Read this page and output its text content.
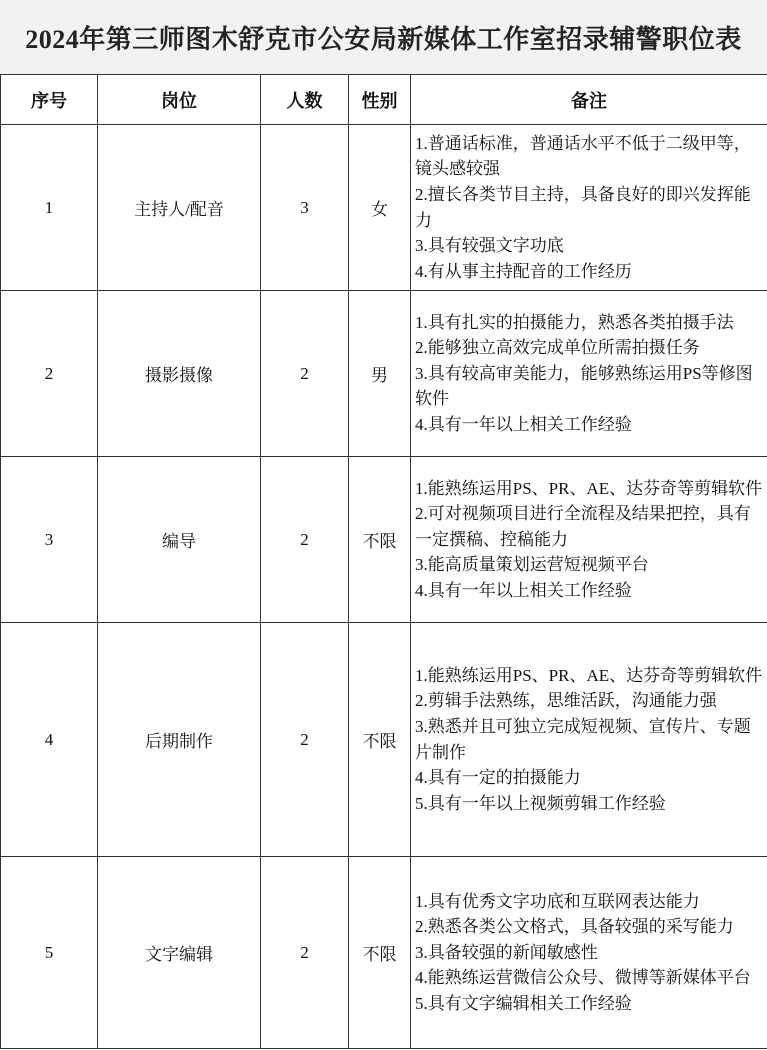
2024年第三师图木舒克市公安局新媒体工作室招录辅警职位表
序号	岗位	人数	性别	备注
1	主持人/配音	3	女	1.普通话标准，普通话水平不低于二级甲等，镜头感较强
2.擅长各类节目主持，具备良好的即兴发挥能力
3.具有较强文字功底
4.有从事主持配音的工作经历

2	摄影摄像	2	男	1.具有扎实的拍摄能力，熟悉各类拍摄手法
2.能够独立高效完成单位所需拍摄任务
3.具有较高审美能力，能够熟练运用PS等修图软件
4.具有一年以上相关工作经验

3	编导	2	不限	1.能熟练运用PS、PR、AE、达芬奇等剪辑软件
2.可对视频项目进行全流程及结果把控，具有一定撰稿、控稿能力
3.能高质量策划运营短视频平台
4.具有一年以上相关工作经验

4	后期制作	2	不限	1.能熟练运用PS、PR、AE、达芬奇等剪辑软件
2.剪辑手法熟练，思维活跃，沟通能力强
3.熟悉并且可独立完成短视频、宣传片、专题片制作
4.具有一定的拍摄能力
5.具有一年以上视频剪辑工作经验

5	文字编辑	2	不限	1.具有优秀文字功底和互联网表达能力
2.熟悉各类公文格式，具备较强的采写能力
3.具备较强的新闻敏感性
4.能熟练运营微信公众号、微博等新媒体平台
5.具有文字编辑相关工作经验
